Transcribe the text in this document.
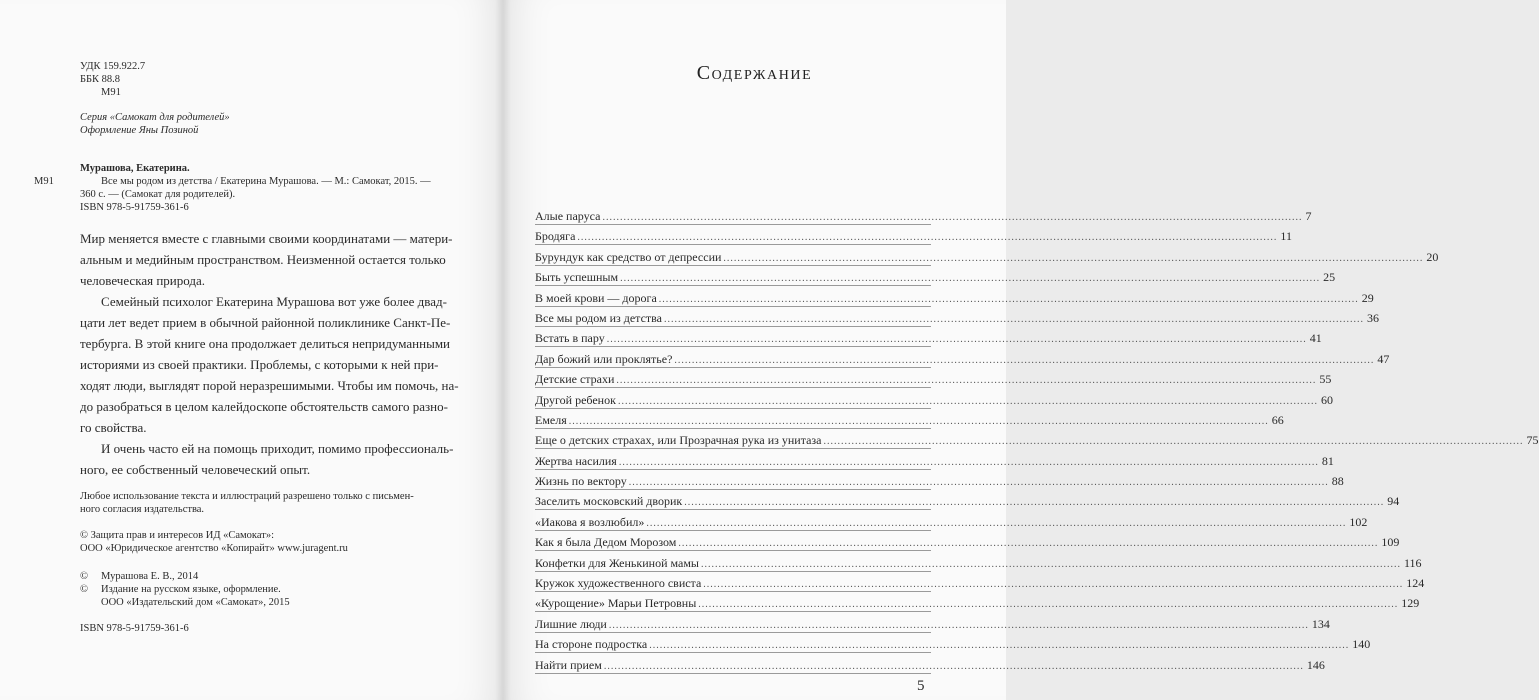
УДК 159.922.7
ББК 88.8
М91
Серия «Самокат для родителей»
Оформление Яны Позиной
М91
Мурашова, Екатерина.
Все мы родом из детства / Екатерина Мурашова. — М.: Самокат, 2015. —
360 с. — (Самокат для родителей).
ISBN 978-5-91759-361-6
Мир меняется вместе с главными своими координатами — матери-
альным и медийным пространством. Неизменной остается только
человеческая природа.
Семейный психолог Екатерина Мурашова вот уже более двад-
цати лет ведет прием в обычной районной поликлинике Санкт-Пе-
тербурга. В этой книге она продолжает делиться непридуманными
историями из своей практики. Проблемы, с которыми к ней при-
ходят люди, выглядят порой неразрешимыми. Чтобы им помочь, на-
до разобраться в целом калейдоскопе обстоятельств самого разно-
го свойства.
И очень часто ей на помощь приходит, помимо профессиональ-
ного, ее собственный человеческий опыт.
Любое использование текста и иллюстраций разрешено только с письмен-
ного согласия издательства.
© Защита прав и интересов ИД «Самокат»:
ООО «Юридическое агентство «Копирайт» www.juragent.ru
© Мурашова Е. В., 2014
© Издание на русском языке, оформление.
ООО «Издательский дом «Самокат», 2015
ISBN 978-5-91759-361-6
Содержание
Алые паруса ........................................................................................................................................................................................................ 7
Бродяга ........................................................................................................................................................................................................ 11
Бурундук как средство от депрессии ........................................................................................................................................................................................................ 20
Быть успешным ........................................................................................................................................................................................................ 25
В моей крови — дорога ........................................................................................................................................................................................................ 29
Все мы родом из детства ........................................................................................................................................................................................................ 36
Встать в пару ........................................................................................................................................................................................................ 41
Дар божий или проклятье? ........................................................................................................................................................................................................ 47
Детские страхи ........................................................................................................................................................................................................ 55
Другой ребенок ........................................................................................................................................................................................................ 60
Емеля ........................................................................................................................................................................................................ 66
Еще о детских страхах, или Прозрачная рука из унитаза ........................................................................................................................................................................................................ 75
Жертва насилия ........................................................................................................................................................................................................ 81
Жизнь по вектору ........................................................................................................................................................................................................ 88
Заселить московский дворик ........................................................................................................................................................................................................ 94
«Иакова я возлюбил» ........................................................................................................................................................................................................ 102
Как я была Дедом Морозом ........................................................................................................................................................................................................ 109
Конфетки для Женькиной мамы ........................................................................................................................................................................................................ 116
Кружок художественного свиста ........................................................................................................................................................................................................ 124
«Курощение» Марьи Петровны ........................................................................................................................................................................................................ 129
Лишние люди ........................................................................................................................................................................................................ 134
На стороне подростка ........................................................................................................................................................................................................ 140
Найти прием ........................................................................................................................................................................................................ 146
5
